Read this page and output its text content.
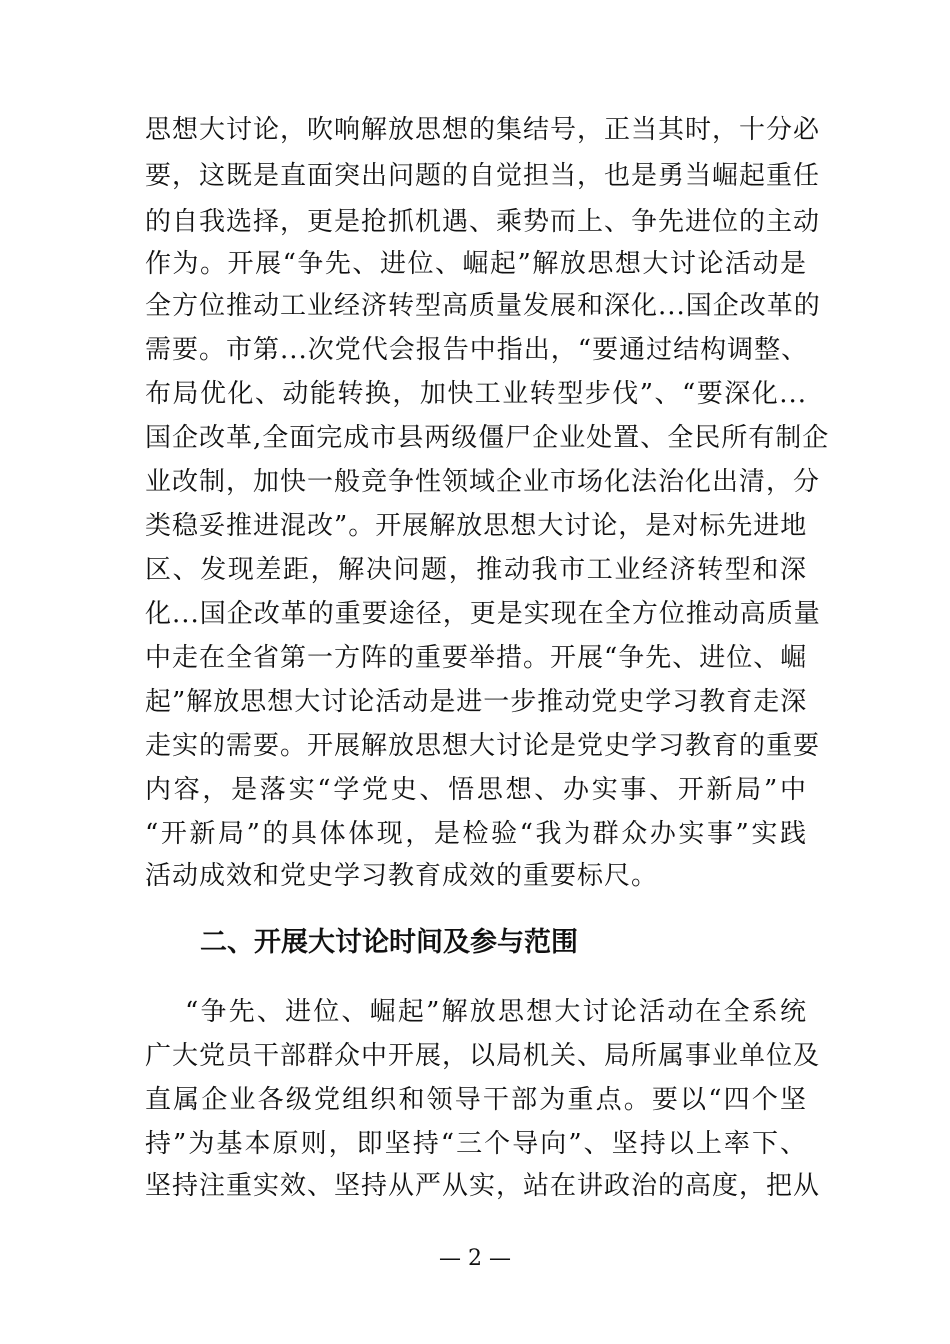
思想大讨论，吹响解放思想的集结号，正当其时，十分必
要，这既是直面突出问题的自觉担当，也是勇当崛起重任
的自我选择，更是抢抓机遇、乘势而上、争先进位的主动
作为。开展“争先、进位、崛起”解放思想大讨论活动是
全方位推动工业经济转型高质量发展和深化...国企改革的
需要。市第...次党代会报告中指出，“要通过结构调整、
布局优化、动能转换，加快工业转型步伐”、“要深化...
国企改革,全面完成市县两级僵尸企业处置、全民所有制企
业改制，加快一般竞争性领域企业市场化法治化出清，分
类稳妥推进混改”。开展解放思想大讨论，是对标先进地
区、发现差距，解决问题，推动我市工业经济转型和深
化...国企改革的重要途径，更是实现在全方位推动高质量
中走在全省第一方阵的重要举措。开展“争先、进位、崛
起”解放思想大讨论活动是进一步推动党史学习教育走深
走实的需要。开展解放思想大讨论是党史学习教育的重要
内容，是落实“学党史、悟思想、办实事、开新局”中
“开新局”的具体体现，是检验“我为群众办实事”实践
活动成效和党史学习教育成效的重要标尺。
二、开展大讨论时间及参与范围
“争先、进位、崛起”解放思想大讨论活动在全系统
广大党员干部群众中开展，以局机关、局所属事业单位及
直属企业各级党组织和领导干部为重点。要以“四个坚
持”为基本原则，即坚持“三个导向”、坚持以上率下、
坚持注重实效、坚持从严从实，站在讲政治的高度，把从
— 2 —
